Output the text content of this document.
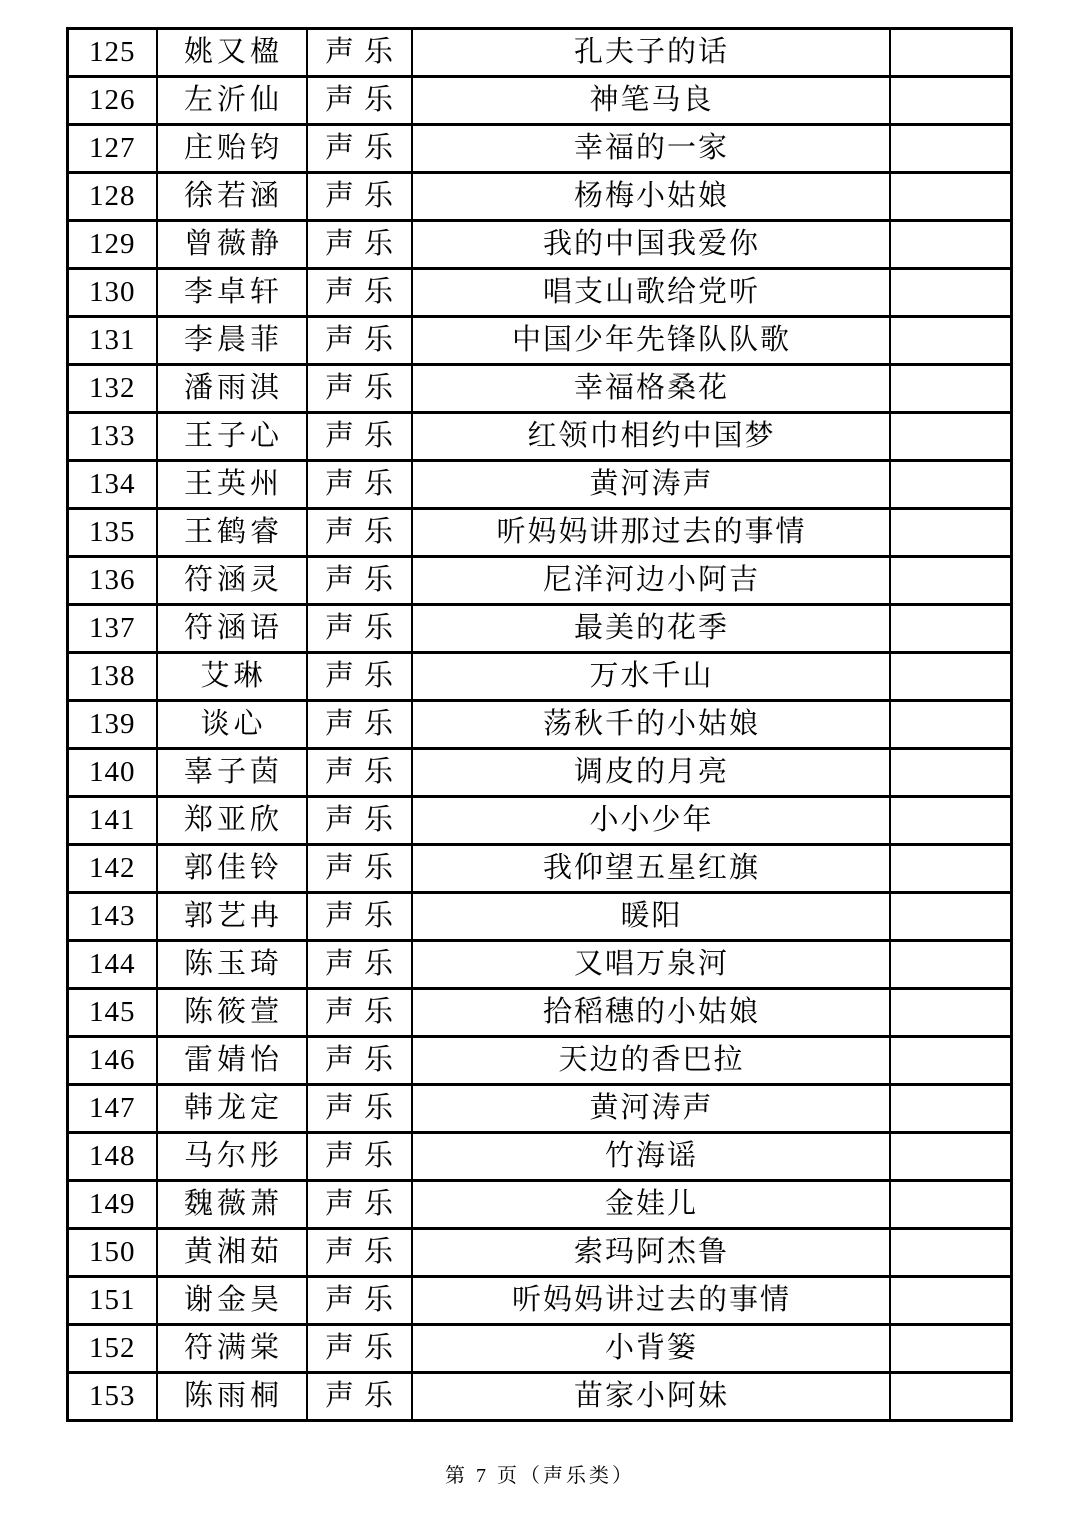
125	姚又楹	声乐	孔夫子的话	
126	左沂仙	声乐	神笔马良	
127	庄贻钧	声乐	幸福的一家	
128	徐若涵	声乐	杨梅小姑娘	
129	曾薇静	声乐	我的中国我爱你	
130	李卓轩	声乐	唱支山歌给党听	
131	李晨菲	声乐	中国少年先锋队队歌	
132	潘雨淇	声乐	幸福格桑花	
133	王子心	声乐	红领巾相约中国梦	
134	王英州	声乐	黄河涛声	
135	王鹤睿	声乐	听妈妈讲那过去的事情	
136	符涵灵	声乐	尼洋河边小阿吉	
137	符涵语	声乐	最美的花季	
138	艾琳	声乐	万水千山	
139	谈心	声乐	荡秋千的小姑娘	
140	辜子茵	声乐	调皮的月亮	
141	郑亚欣	声乐	小小少年	
142	郭佳铃	声乐	我仰望五星红旗	
143	郭艺冉	声乐	暖阳	
144	陈玉琦	声乐	又唱万泉河	
145	陈筱萱	声乐	拾稻穗的小姑娘	
146	雷婧怡	声乐	天边的香巴拉	
147	韩龙定	声乐	黄河涛声	
148	马尔彤	声乐	竹海谣	
149	魏薇萧	声乐	金娃儿	
150	黄湘茹	声乐	索玛阿杰鲁	
151	谢金昊	声乐	听妈妈讲过去的事情	
152	符满棠	声乐	小背篓	
153	陈雨桐	声乐	苗家小阿妹	
第 7 页（声乐类）
